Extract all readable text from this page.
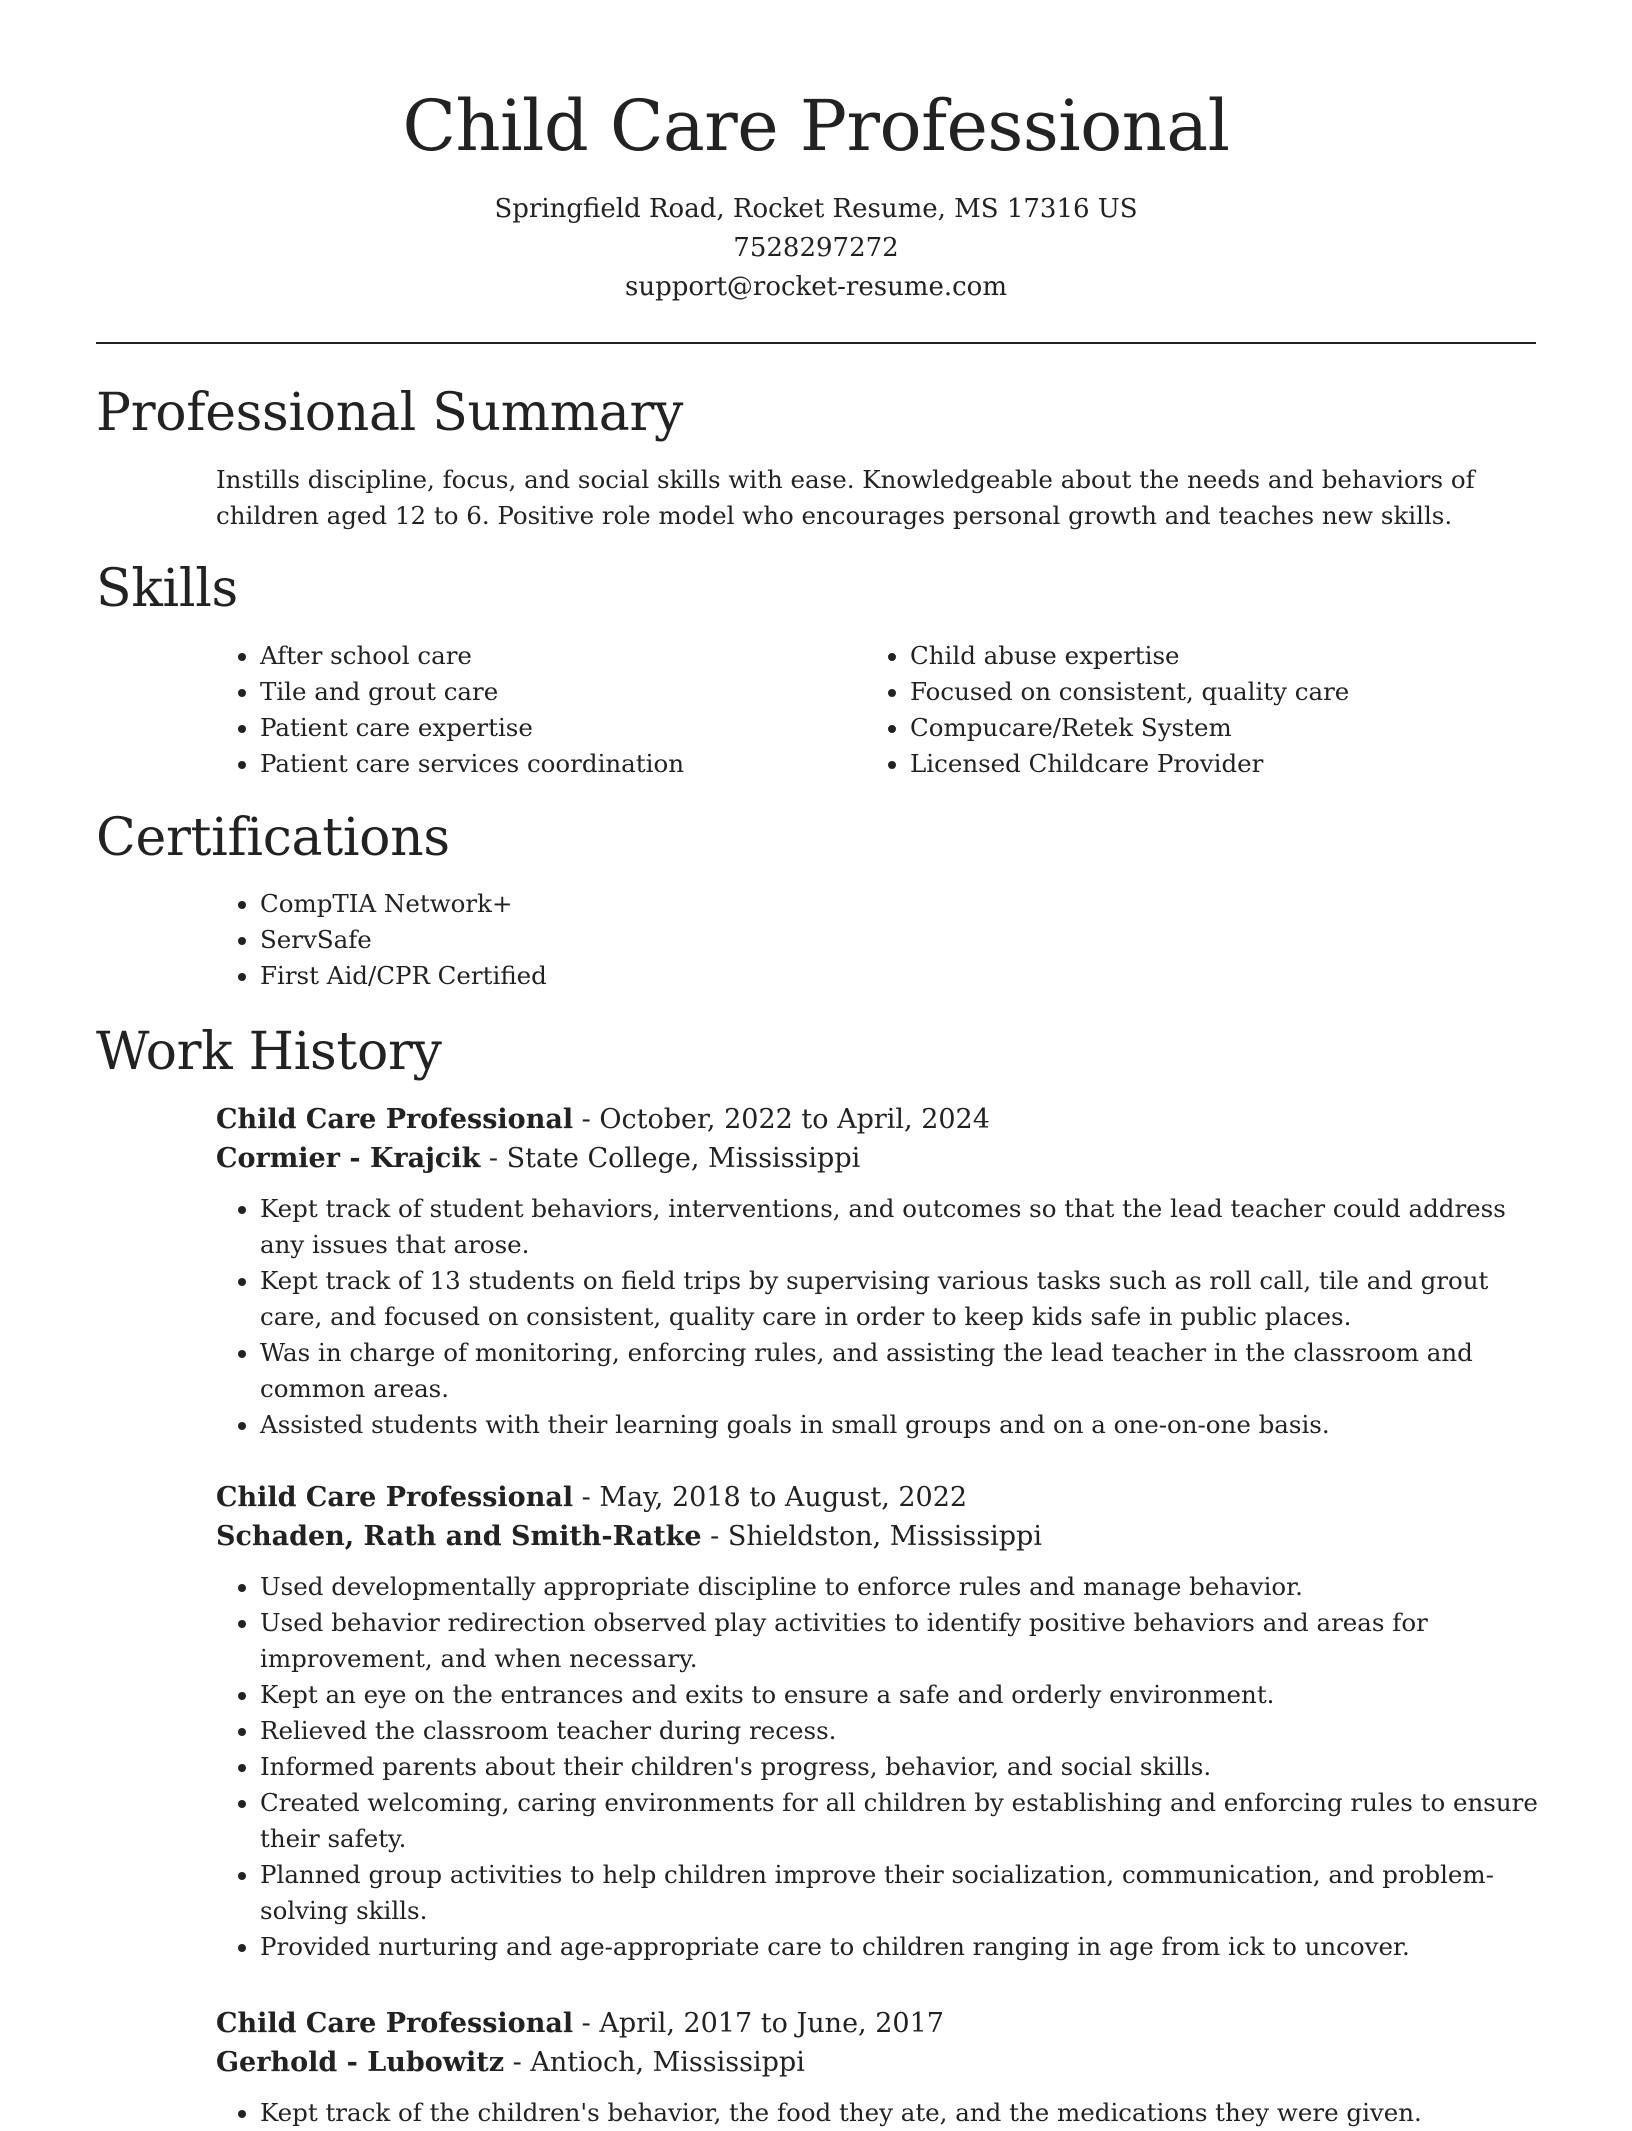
Child Care Professional
Springfield Road, Rocket Resume, MS 17316 US
7528297272
support@rocket-resume.com
Professional Summary
Instills discipline, focus, and social skills with ease. Knowledgeable about the needs and behaviors of children aged 12 to 6. Positive role model who encourages personal growth and teaches new skills.
Skills
• After school care
• Tile and grout care
• Patient care expertise
• Patient care services coordination
• Child abuse expertise
• Focused on consistent, quality care
• Compucare/Retek System
• Licensed Childcare Provider
Certifications
• CompTIA Network+
• ServSafe
• First Aid/CPR Certified
Work History
Child Care Professional - October, 2022 to April, 2024
Cormier - Krajcik - State College, Mississippi
• Kept track of student behaviors, interventions, and outcomes so that the lead teacher could address any issues that arose.
• Kept track of 13 students on field trips by supervising various tasks such as roll call, tile and grout care, and focused on consistent, quality care in order to keep kids safe in public places.
• Was in charge of monitoring, enforcing rules, and assisting the lead teacher in the classroom and common areas.
• Assisted students with their learning goals in small groups and on a one-on-one basis.
Child Care Professional - May, 2018 to August, 2022
Schaden, Rath and Smith-Ratke - Shieldston, Mississippi
• Used developmentally appropriate discipline to enforce rules and manage behavior.
• Used behavior redirection observed play activities to identify positive behaviors and areas for improvement, and when necessary.
• Kept an eye on the entrances and exits to ensure a safe and orderly environment.
• Relieved the classroom teacher during recess.
• Informed parents about their children's progress, behavior, and social skills.
• Created welcoming, caring environments for all children by establishing and enforcing rules to ensure their safety.
• Planned group activities to help children improve their socialization, communication, and problem-solving skills.
• Provided nurturing and age-appropriate care to children ranging in age from ick to uncover.
Child Care Professional - April, 2017 to June, 2017
Gerhold - Lubowitz - Antioch, Mississippi
• Kept track of the children's behavior, the food they ate, and the medications they were given.
